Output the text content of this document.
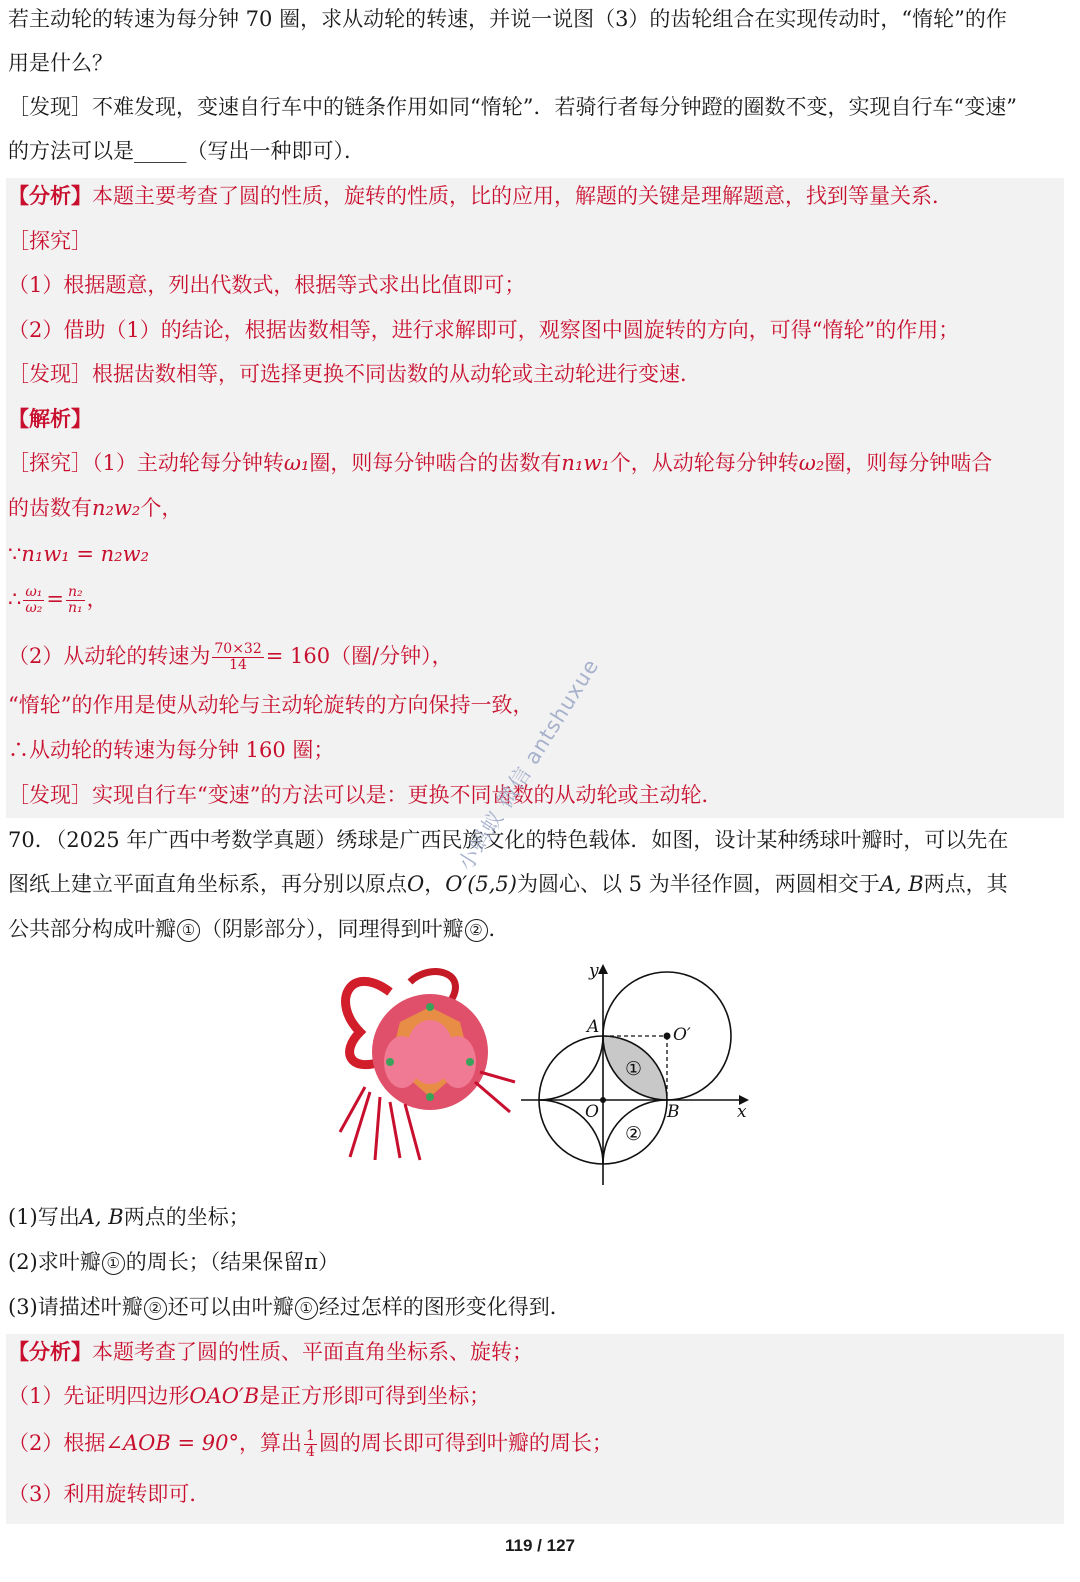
若主动轮的转速为每分钟 70 圈，求从动轮的转速，并说一说图（3）的齿轮组合在实现传动时，“惰轮”的作
用是什么？
［发现］不难发现，变速自行车中的链条作用如同“惰轮”．若骑行者每分钟蹬的圈数不变，实现自行车“变速”
的方法可以是_____（写出一种即可）．
【分析】本题主要考查了圆的性质，旋转的性质，比的应用，解题的关键是理解题意，找到等量关系．
［探究］
（1）根据题意，列出代数式，根据等式求出比值即可；
（2）借助（1）的结论，根据齿数相等，进行求解即可，观察图中圆旋转的方向，可得“惰轮”的作用；
［发现］根据齿数相等，可选择更换不同齿数的从动轮或主动轮进行变速．
【解析】
［探究］（1）主动轮每分钟转ω₁圈，则每分钟啮合的齿数有n₁w₁个，从动轮每分钟转ω₂圈，则每分钟啮合
的齿数有n₂w₂个，
∵n₁w₁ = n₂w₂
∴ $\frac{\text{ω₁}}{\text{ω₂}} = \frac{\text{n₂}}{\text{n₁}}$ ，
（2）从动轮的转速为 $\frac{70\times 32}{14} = 160$（圈/分钟），
“惰轮”的作用是使从动轮与主动轮旋转的方向保持一致，
∴从动轮的转速为每分钟 160 圈；
［发现］实现自行车“变速”的方法可以是：更换不同齿数的从动轮或主动轮．
70．（2025 年广西中考数学真题）绣球是广西民族文化的特色载体．如图，设计某种绣球叶瓣时，可以先在
图纸上建立平面直角坐标系，再分别以原点O，O′(5,5)为圆心、以 5 为半径作圆，两圆相交于A, B两点，其
公共部分构成叶瓣 ① （阴影部分），同理得到叶瓣 ② ．
y
x
A
B
O
O′
①
②
(1)写出A, B两点的坐标；
(2)求叶瓣 ① 的周长；（结果保留π）
(3)请描述叶瓣 ② 还可以由叶瓣 ① 经过怎样的图形变化得到．
【分析】本题考查了圆的性质、平面直角坐标系、旋转；
（1）先证明四边形OAO′B是正方形即可得到坐标；
（2）根据∠AOB = 90°，算出 $\frac{1}{4}$ 圆的周长即可得到叶瓣的周长；
（3）利用旋转即可．
小蚂蚁 微信 antshuxue
119 / 127
